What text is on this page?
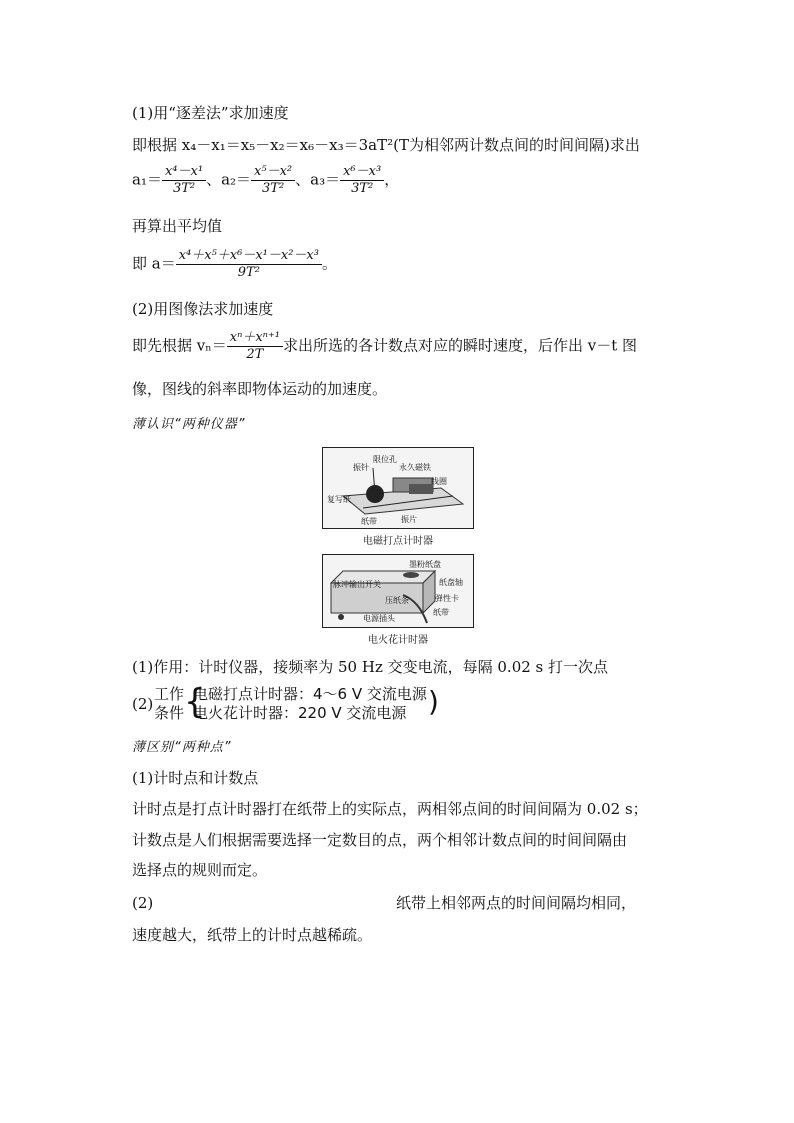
(1)用“逐差法”求加速度
即根据 x₄－x₁＝x₅－x₂＝x₆－x₃＝3aT²(T为相邻两计数点间的时间间隔)求出
$a_1= \frac{\text{x⁴－x¹}}{\text{3T²}}$ 、$a_2= \frac{\text{x⁵－x²}}{\text{3T²}}$ 、$a_3= \frac{\text{x⁶－x³}}{\text{3T²}}$ ，
再算出平均值
即 $a= \frac{\text{x⁴＋x⁵＋x⁶－x¹－x²－x³}}{\text{9T²}}$ 。
(2)用图像法求加速度
即先根据 $v_n= \frac{\text{xⁿ＋xⁿ⁺¹}}{2T}$ 求出所选的各计数点对应的瞬时速度，后作出 v－t 图
像，图线的斜率即物体运动的加速度。
薄认识“两种仪器”
限位孔
振针	永久磁铁
线圈
复写纸
纸带	振片
电磁打点计时器
墨粉纸盘
纸盘轴
脉冲输出开关
弹性卡
压纸条
纸带
电源插头
电火花计时器
(1)作用：计时仪器，接频率为 50 Hz 交变电流，每隔 0.02 s 打一次点
(2)
工作
条件 {
电磁打点计时器：4～6 V 交流电源
电火花计时器：220 V 交流电源 )
薄区别“两种点”
(1)计时点和计数点
计时点是打点计时器打在纸带上的实际点，两相邻点间的时间间隔为 0.02 s；
计数点是人们根据需要选择一定数目的点，两个相邻计数点间的时间间隔由
选择点的规则而定。
(2)	纸带上相邻两点的时间间隔均相同，
速度越大，纸带上的计时点越稀疏。
